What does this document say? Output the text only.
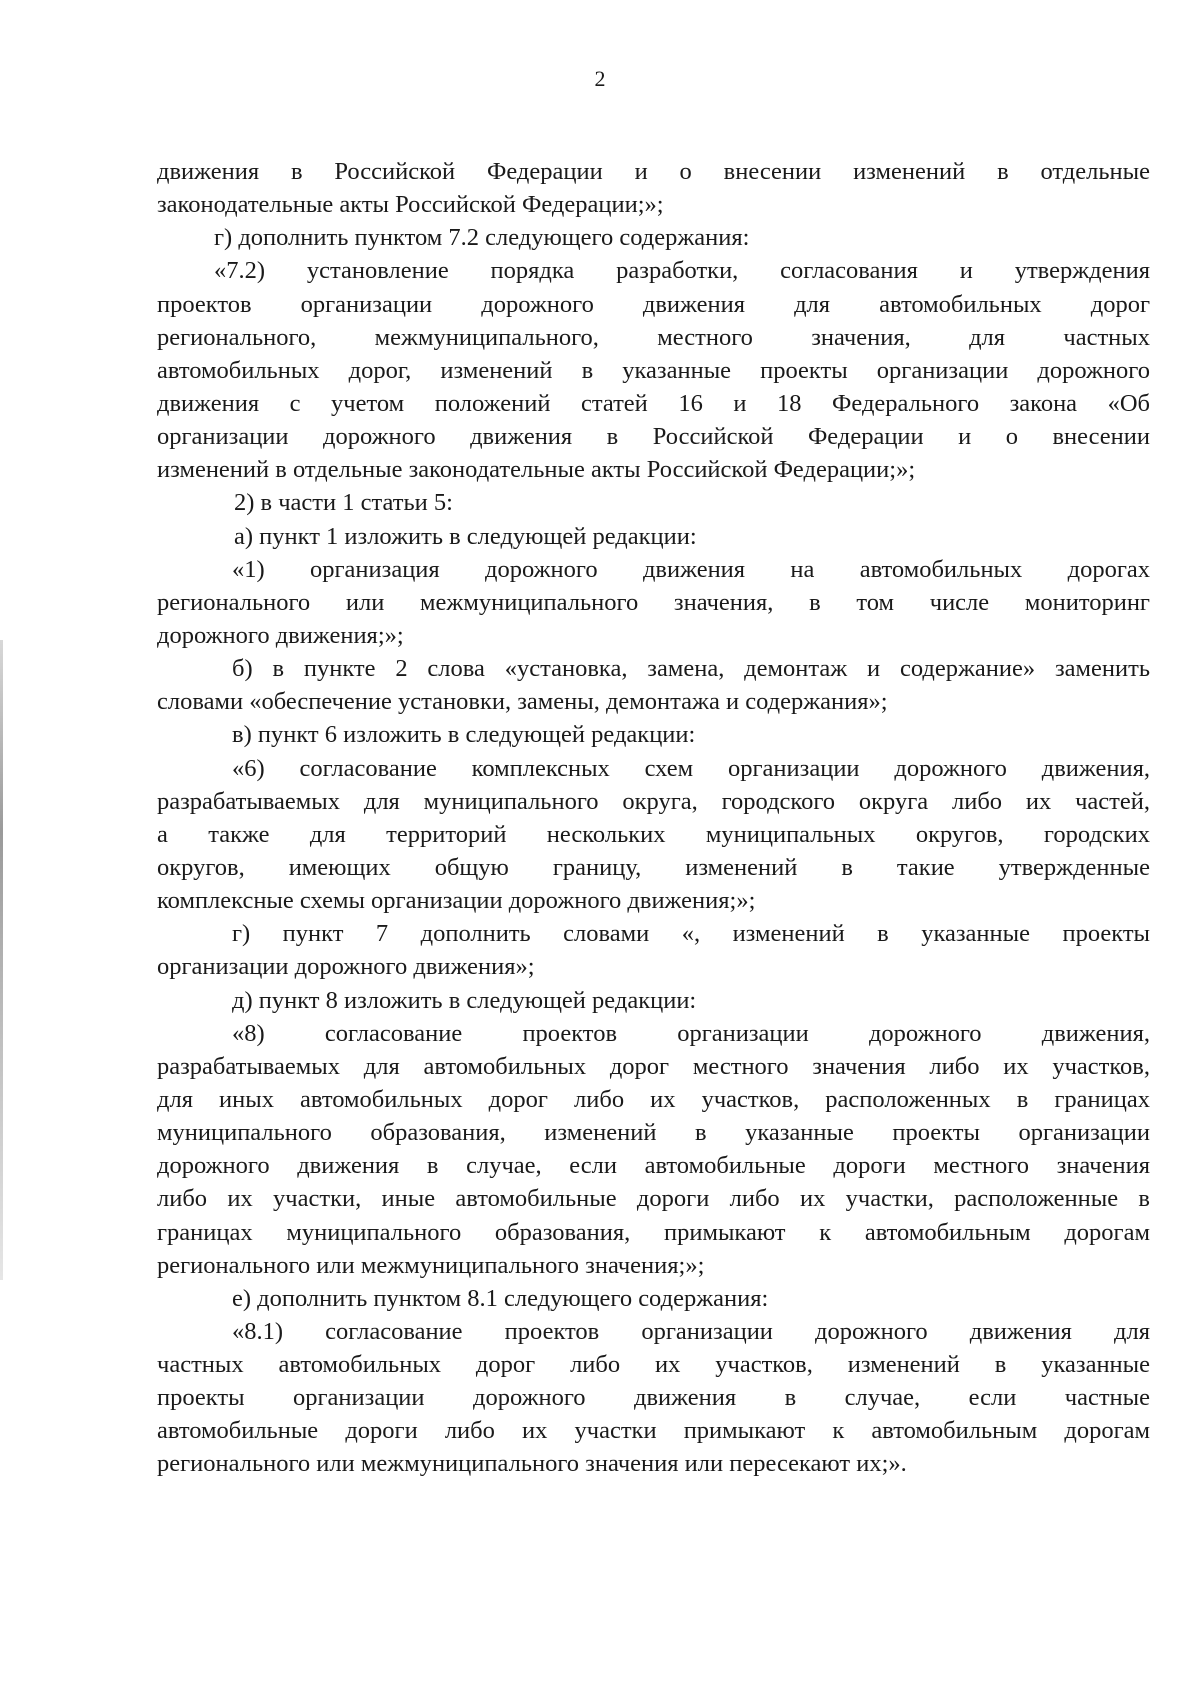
2
движения в Российской Федерации и о внесении изменений в отдельные
законодательные акты Российской Федерации;»;
г) дополнить пунктом 7.2 следующего содержания:
«7.2) установление порядка разработки, согласования и утверждения
проектов организации дорожного движения для автомобильных дорог
регионального, межмуниципального, местного значения, для частных
автомобильных дорог, изменений в указанные проекты организации дорожного
движения с учетом положений статей 16 и 18 Федерального закона «Об
организации дорожного движения в Российской Федерации и о внесении
изменений в отдельные законодательные акты Российской Федерации;»;
2) в части 1 статьи 5:
а) пункт 1 изложить в следующей редакции:
«1) организация дорожного движения на автомобильных дорогах
регионального или межмуниципального значения, в том числе мониторинг
дорожного движения;»;
б) в пункте 2 слова «установка, замена, демонтаж и содержание» заменить
словами «обеспечение установки, замены, демонтажа и содержания»;
в) пункт 6 изложить в следующей редакции:
«6) согласование комплексных схем организации дорожного движения,
разрабатываемых для муниципального округа, городского округа либо их частей,
а также для территорий нескольких муниципальных округов, городских
округов, имеющих общую границу, изменений в такие утвержденные
комплексные схемы организации дорожного движения;»;
г) пункт 7 дополнить словами «, изменений в указанные проекты
организации дорожного движения»;
д) пункт 8 изложить в следующей редакции:
«8) согласование проектов организации дорожного движения,
разрабатываемых для автомобильных дорог местного значения либо их участков,
для иных автомобильных дорог либо их участков, расположенных в границах
муниципального образования, изменений в указанные проекты организации
дорожного движения в случае, если автомобильные дороги местного значения
либо их участки, иные автомобильные дороги либо их участки, расположенные в
границах муниципального образования, примыкают к автомобильным дорогам
регионального или межмуниципального значения;»;
е) дополнить пунктом 8.1 следующего содержания:
«8.1) согласование проектов организации дорожного движения для
частных автомобильных дорог либо их участков, изменений в указанные
проекты организации дорожного движения в случае, если частные
автомобильные дороги либо их участки примыкают к автомобильным дорогам
регионального или межмуниципального значения или пересекают их;».
